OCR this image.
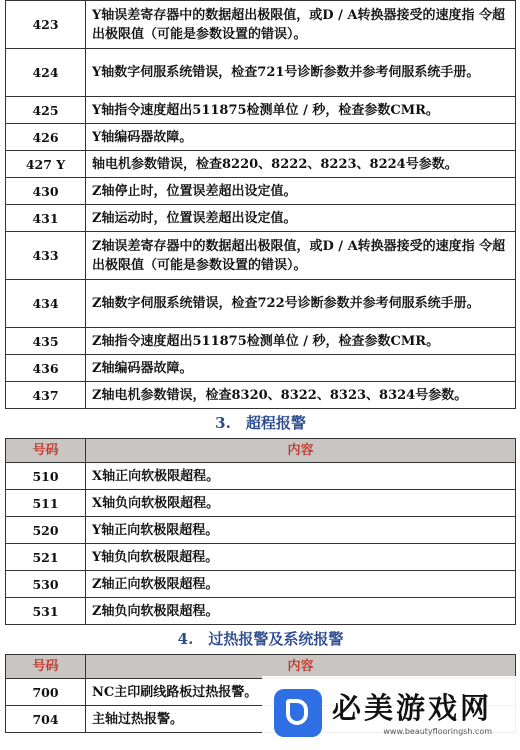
423	Y轴误差寄存器中的数据超出极限值，或D / A转换器接受的速度指 令超出极限值（可能是参数设置的错误）。
424	Y轴数字伺服系统错误，检查721号诊断参数并参考伺服系统手册。
425	Y轴指令速度超出511875检测单位 / 秒，检查参数CMR。
426	Y轴编码器故障。
427 Y	轴电机参数错误，检查8220、8222、8223、8224号参数。
430	Z轴停止时，位置误差超出设定值。
431	Z轴运动时，位置误差超出设定值。
433	Z轴误差寄存器中的数据超出极限值，或D / A转换器接受的速度指 令超出极限值（可能是参数设置的错误）。
434	Z轴数字伺服系统错误，检查722号诊断参数并参考伺服系统手册。
435	Z轴指令速度超出511875检测单位 / 秒，检查参数CMR。
436	Z轴编码器故障。
437	Z轴电机参数错误，检查8320、8322、8323、8324号参数。
3.　超程报警	
号码	内容
510	X轴正向软极限超程。
511	X轴负向软极限超程。
520	Y轴正向软极限超程。
521	Y轴负向软极限超程。
530	Z轴正向软极限超程。
531	Z轴负向软极限超程。
4.　过热报警及系统报警	
号码	内容
700	NC主印刷线路板过热报警。
704	主轴过热报警。	必美游戏网
www.beautyflooringsh.com
